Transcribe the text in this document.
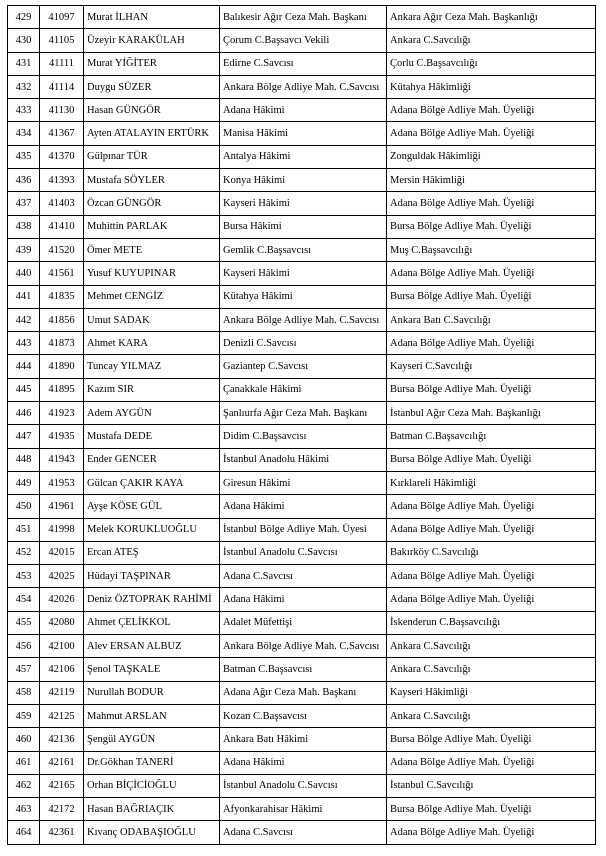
429	41097	Murat İLHAN	Balıkesir Ağır Ceza Mah. Başkanı	Ankara Ağır Ceza Mah. Başkanlığı
430	41105	Üzeyir KARAKÜLAH	Çorum C.Başsavcı Vekili	Ankara C.Savcılığı
431	41111	Murat YİĞİTER	Edirne C.Savcısı	Çorlu C.Başsavcılığı
432	41114	Duygu SÜZER	Ankara Bölge Adliye Mah. C.Savcısı	Kütahya Hâkimliği
433	41130	Hasan GÜNGÖR	Adana Hâkimi	Adana Bölge Adliye Mah. Üyeliği
434	41367	Ayten ATALAYIN ERTÜRK	Manisa Hâkimi	Adana Bölge Adliye Mah. Üyeliği
435	41370	Gülpınar TÜR	Antalya Hâkimi	Zonguldak Hâkimliği
436	41393	Mustafa SÖYLER	Konya Hâkimi	Mersin Hâkimliği
437	41403	Özcan GÜNGÖR	Kayseri Hâkimi	Adana Bölge Adliye Mah. Üyeliği
438	41410	Muhittin PARLAK	Bursa Hâkimi	Bursa Bölge Adliye Mah. Üyeliği
439	41520	Ömer METE	Gemlik C.Başsavcısı	Muş C.Başsavcılığı
440	41561	Yusuf KUYUPINAR	Kayseri Hâkimi	Adana Bölge Adliye Mah. Üyeliği
441	41835	Mehmet CENGİZ	Kütahya Hâkimi	Bursa Bölge Adliye Mah. Üyeliği
442	41856	Umut SADAK	Ankara Bölge Adliye Mah. C.Savcısı	Ankara Batı C.Savcılığı
443	41873	Ahmet KARA	Denizli C.Savcısı	Adana Bölge Adliye Mah. Üyeliği
444	41890	Tuncay YILMAZ	Gaziantep C.Savcısı	Kayseri C.Savcılığı
445	41895	Kazım SIR	Çanakkale Hâkimi	Bursa Bölge Adliye Mah. Üyeliği
446	41923	Adem AYGÜN	Şanlıurfa Ağır Ceza Mah. Başkanı	İstanbul Ağır Ceza Mah. Başkanlığı
447	41935	Mustafa DEDE	Didim C.Başsavcısı	Batman C.Başsavcılığı
448	41943	Ender GENCER	İstanbul Anadolu Hâkimi	Bursa Bölge Adliye Mah. Üyeliği
449	41953	Gülcan ÇAKIR KAYA	Giresun Hâkimi	Kırklareli Hâkimliği
450	41961	Ayşe KÖSE GÜL	Adana Hâkimi	Adana Bölge Adliye Mah. Üyeliği
451	41998	Melek KORUKLUOĞLU	İstanbul Bölge Adliye Mah. Üyesi	Adana Bölge Adliye Mah. Üyeliği
452	42015	Ercan ATEŞ	İstanbul Anadolu C.Savcısı	Bakırköy C.Savcılığı
453	42025	Hüdayi TAŞPINAR	Adana C.Savcısı	Adana Bölge Adliye Mah. Üyeliği
454	42026	Deniz ÖZTOPRAK RAHİMİ	Adana Hâkimi	Adana Bölge Adliye Mah. Üyeliği
455	42080	Ahmet ÇELİKKOL	Adalet Müfettişi	İskenderun C.Başsavcılığı
456	42100	Alev ERSAN ALBUZ	Ankara Bölge Adliye Mah. C.Savcısı	Ankara C.Savcılığı
457	42106	Şenol TAŞKALE	Batman C.Başsavcısı	Ankara C.Savcılığı
458	42119	Nurullah BODUR	Adana Ağır Ceza Mah. Başkanı	Kayseri Hâkimliği
459	42125	Mahmut ARSLAN	Kozan C.Başsavcısı	Ankara C.Savcılığı
460	42136	Şengül AYGÜN	Ankara Batı Hâkimi	Bursa Bölge Adliye Mah. Üyeliği
461	42161	Dr.Gökhan TANERİ	Adana Hâkimi	Adana Bölge Adliye Mah. Üyeliği
462	42165	Orhan BİÇİCİOĞLU	İstanbul Anadolu C.Savcısı	İstanbul C.Savcılığı
463	42172	Hasan BAĞRIAÇIK	Afyonkarahisar Hâkimi	Bursa Bölge Adliye Mah. Üyeliği
464	42361	Kıvanç ODABAŞIOĞLU	Adana C.Savcısı	Adana Bölge Adliye Mah. Üyeliği
